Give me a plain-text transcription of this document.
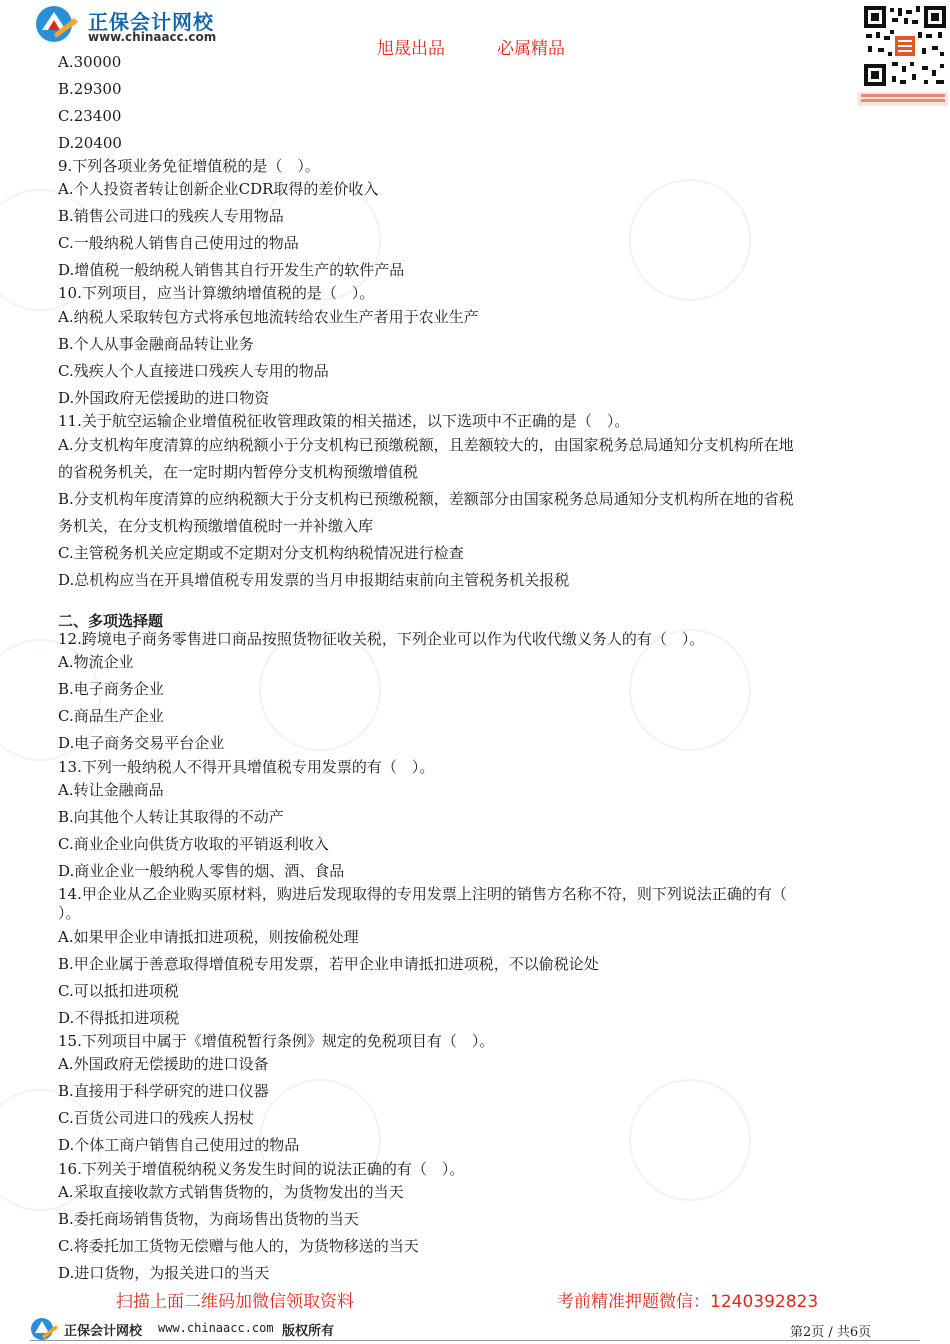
正保会计网校
www.chinaacc.com
旭晟出品	必属精品
A.30000
B.29300
C.23400
D.20400
9.下列各项业务免征增值税的是（　）。
A.个人投资者转让创新企业CDR取得的差价收入
B.销售公司进口的残疾人专用物品
C.一般纳税人销售自己使用过的物品
D.增值税一般纳税人销售其自行开发生产的软件产品
10.下列项目，应当计算缴纳增值税的是（　）。
A.纳税人采取转包方式将承包地流转给农业生产者用于农业生产
B.个人从事金融商品转让业务
C.残疾人个人直接进口残疾人专用的物品
D.外国政府无偿援助的进口物资
11.关于航空运输企业增值税征收管理政策的相关描述，以下选项中不正确的是（　）。
A.分支机构年度清算的应纳税额小于分支机构已预缴税额，且差额较大的，由国家税务总局通知分支机构所在地
的省税务机关，在一定时期内暂停分支机构预缴增值税
B.分支机构年度清算的应纳税额大于分支机构已预缴税额，差额部分由国家税务总局通知分支机构所在地的省税
务机关，在分支机构预缴增值税时一并补缴入库
C.主管税务机关应定期或不定期对分支机构纳税情况进行检查
D.总机构应当在开具增值税专用发票的当月申报期结束前向主管税务机关报税
二、多项选择题
12.跨境电子商务零售进口商品按照货物征收关税，下列企业可以作为代收代缴义务人的有（　）。
A.物流企业
B.电子商务企业
C.商品生产企业
D.电子商务交易平台企业
13.下列一般纳税人不得开具增值税专用发票的有（　）。
A.转让金融商品
B.向其他个人转让其取得的不动产
C.商业企业向供货方收取的平销返利收入
D.商业企业一般纳税人零售的烟、酒、食品
14.甲企业从乙企业购买原材料，购进后发现取得的专用发票上注明的销售方名称不符，则下列说法正确的有（
）。
A.如果甲企业申请抵扣进项税，则按偷税处理
B.甲企业属于善意取得增值税专用发票，若甲企业申请抵扣进项税，不以偷税论处
C.可以抵扣进项税
D.不得抵扣进项税
15.下列项目中属于《增值税暂行条例》规定的免税项目有（　）。
A.外国政府无偿援助的进口设备
B.直接用于科学研究的进口仪器
C.百货公司进口的残疾人拐杖
D.个体工商户销售自己使用过的物品
16.下列关于增值税纳税义务发生时间的说法正确的有（　）。
A.采取直接收款方式销售货物的，为货物发出的当天
B.委托商场销售货物，为商场售出货物的当天
C.将委托加工货物无偿赠与他人的，为货物移送的当天
D.进口货物，为报关进口的当天
扫描上面二维码加微信领取资料	考前精准押题微信：1240392823
正保会计网校 www.chinaacc.com 版权所有	第2页 / 共6页
